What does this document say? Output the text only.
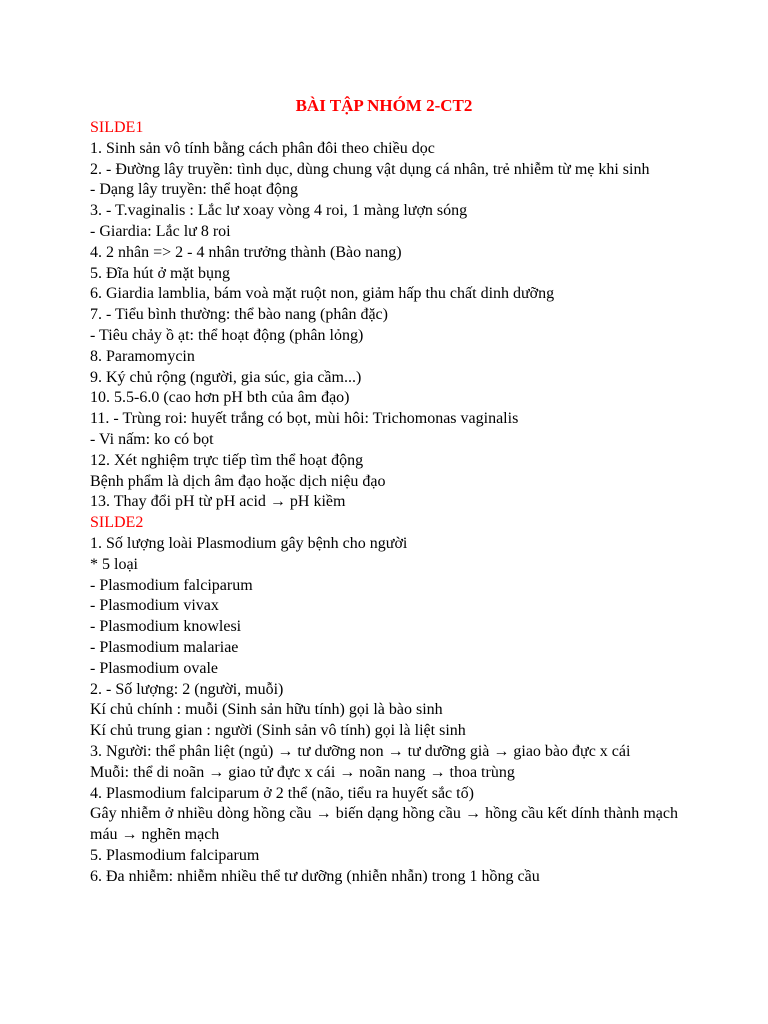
BÀI TẬP NHÓM 2-CT2
SILDE1
1. Sinh sản vô tính bằng cách phân đôi theo chiều dọc
2. - Đường lây truyền: tình dục, dùng chung vật dụng cá nhân, trẻ nhiễm từ mẹ khi sinh
- Dạng lây truyền: thể hoạt động
3. - T.vaginalis : Lắc lư xoay vòng 4 roi, 1 màng lượn sóng
- Giardia: Lắc lư 8 roi
4. 2 nhân => 2 - 4 nhân trưởng thành (Bào nang)
5. Đĩa hút ở mặt bụng
6. Giardia lamblia, bám voà mặt ruột non, giảm hấp thu chất dinh dưỡng
7. - Tiểu bình thường: thể bào nang (phân đặc)
- Tiêu chảy ồ ạt: thể hoạt động (phân lỏng)
8. Paramomycin
9. Ký chủ rộng (người, gia súc, gia cầm...)
10. 5.5-6.0 (cao hơn pH bth của âm đạo)
11. - Trùng roi: huyết trắng có bọt, mùi hôi: Trichomonas vaginalis
- Vi nấm: ko có bọt
12. Xét nghiệm trực tiếp tìm thể hoạt động
Bệnh phẩm là dịch âm đạo hoặc dịch niệu đạo
13. Thay đổi pH từ pH acid → pH kiềm
SILDE2
1. Số lượng loài Plasmodium gây bệnh cho người
* 5 loại
- Plasmodium falciparum
- Plasmodium vivax
- Plasmodium knowlesi
- Plasmodium malariae
- Plasmodium ovale
2. - Số lượng: 2 (người, muỗi)
Kí chủ chính : muỗi (Sinh sản hữu tính) gọi là bào sinh
Kí chủ trung gian : người (Sinh sản vô tính) gọi là liệt sinh
3. Người: thể phân liệt (ngủ) → tư dưỡng non → tư dưỡng già → giao bào đực x cái
Muỗi: thể di noãn → giao tử đực x cái → noãn nang → thoa trùng
4. Plasmodium falciparum ở 2 thể (não, tiểu ra huyết sắc tố)
Gây nhiễm ở nhiều dòng hồng cầu → biến dạng hồng cầu → hồng cầu kết dính thành mạch máu → nghẽn mạch
5. Plasmodium falciparum
6. Đa nhiễm: nhiễm nhiều thể tư dưỡng (nhiễn nhẫn) trong 1 hồng cầu
